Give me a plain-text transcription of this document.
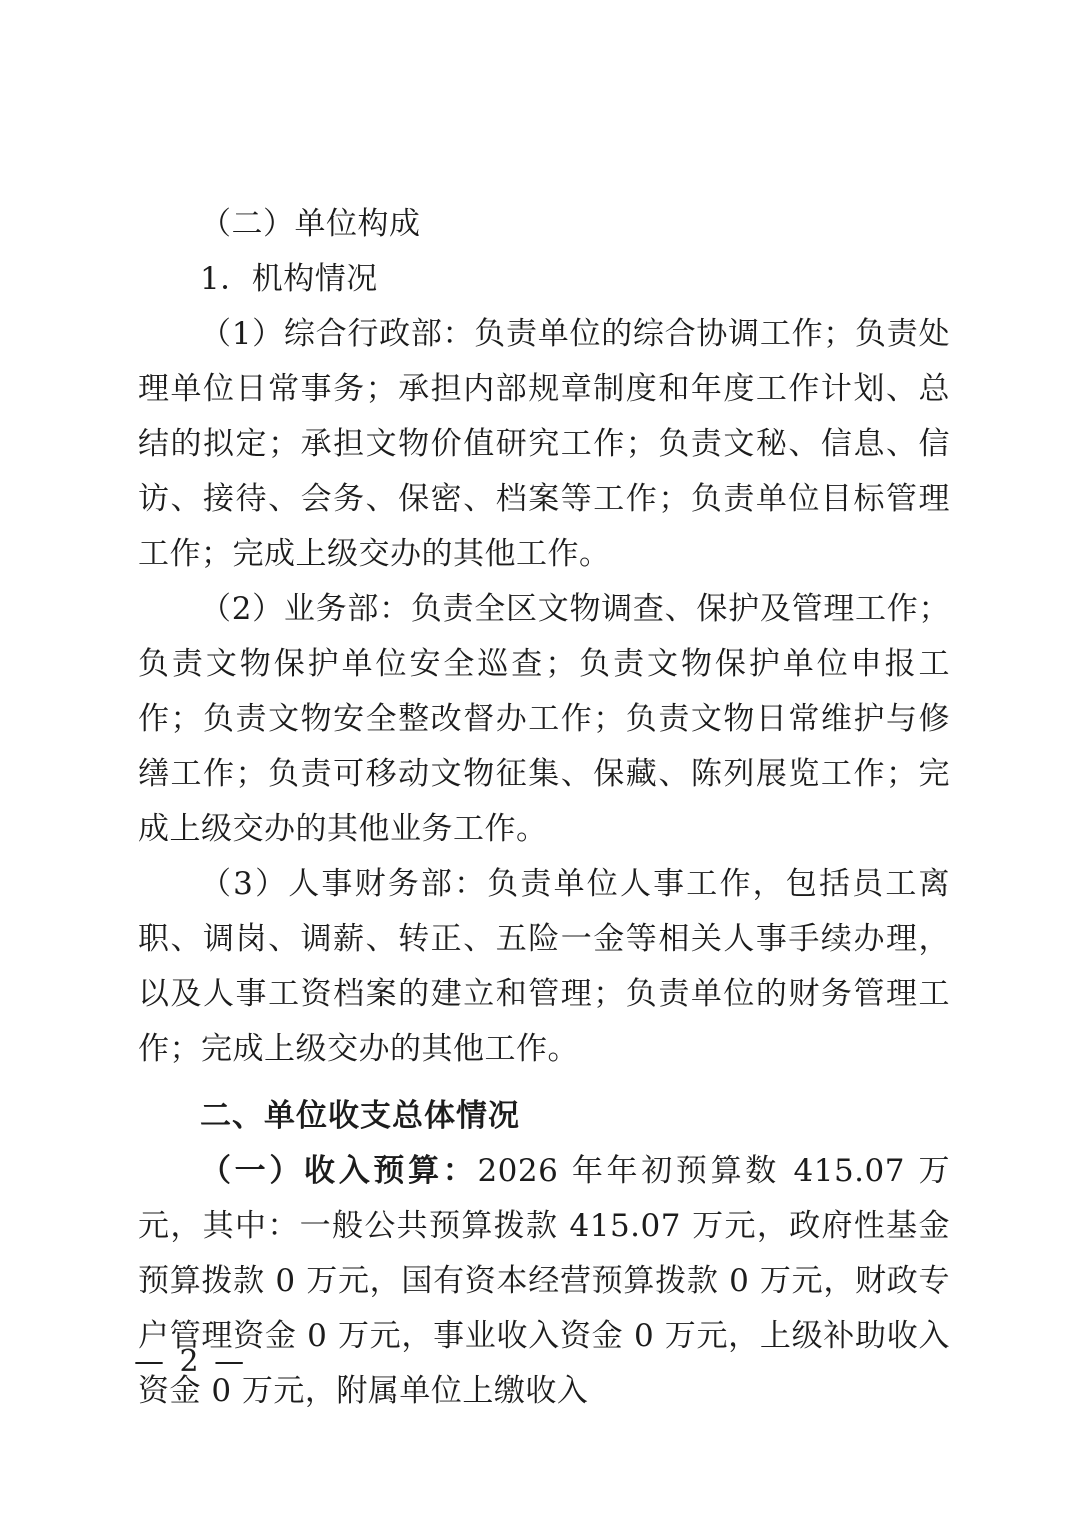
（二）单位构成

1．机构情况

（1）综合行政部：负责单位的综合协调工作；负责处理单位日常事务；承担内部规章制度和年度工作计划、总结的拟定；承担文物价值研究工作；负责文秘、信息、信访、接待、会务、保密、档案等工作；负责单位目标管理工作；完成上级交办的其他工作。

（2）业务部：负责全区文物调查、保护及管理工作；负责文物保护单位安全巡查；负责文物保护单位申报工作；负责文物安全整改督办工作；负责文物日常维护与修缮工作；负责可移动文物征集、保藏、陈列展览工作；完成上级交办的其他业务工作。

（3）人事财务部：负责单位人事工作，包括员工离职、调岗、调薪、转正、五险一金等相关人事手续办理，以及人事工资档案的建立和管理；负责单位的财务管理工作；完成上级交办的其他工作。

二、单位收支总体情况

（一）收入预算：2026 年年初预算数 415.07 万元，其中：一般公共预算拨款 415.07 万元，政府性基金预算拨款 0 万元，国有资本经营预算拨款 0 万元，财政专户管理资金 0 万元，事业收入资金 0 万元，上级补助收入资金 0 万元，附属单位上缴收入

— 2 —
